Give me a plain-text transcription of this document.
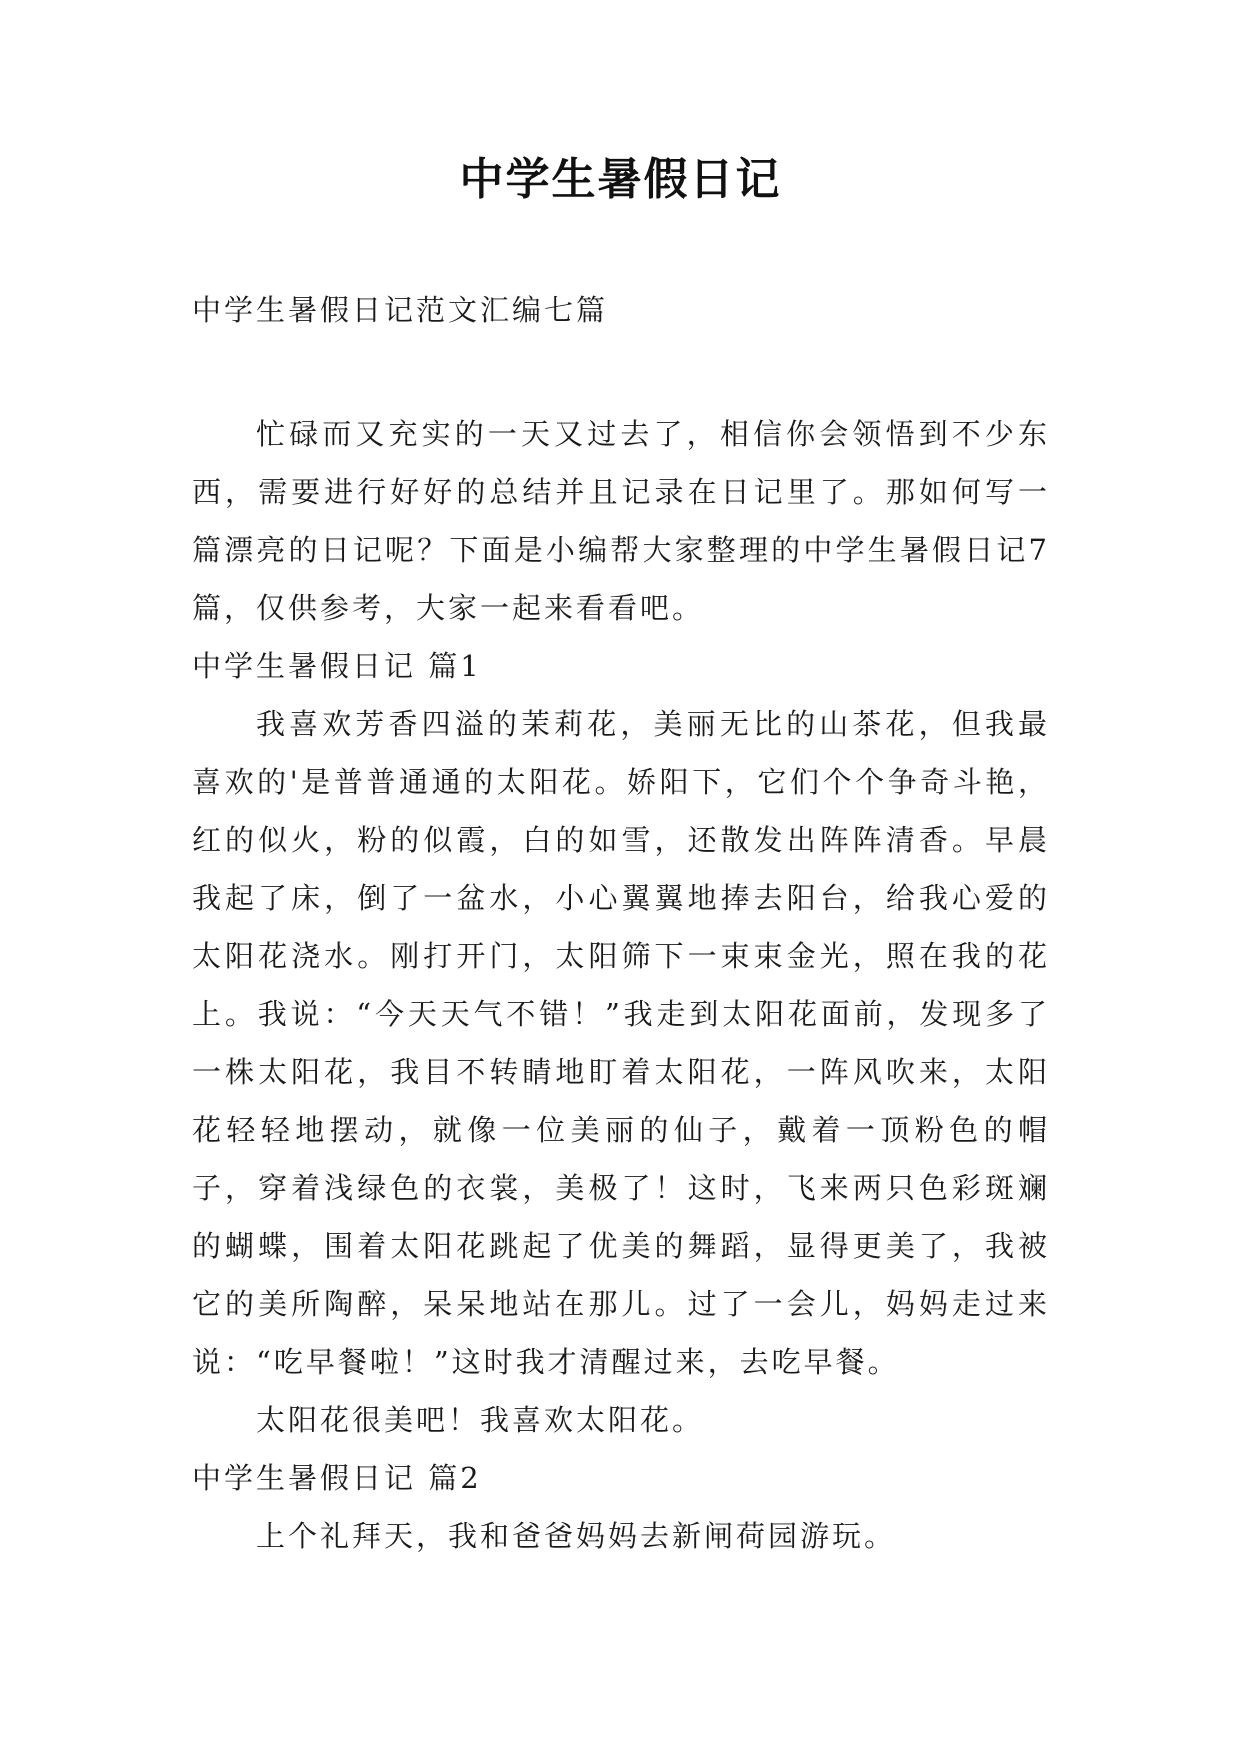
中学生暑假日记
中学生暑假日记范文汇编七篇

忙碌而又充实的一天又过去了，相信你会领悟到不少东西，需要进行好好的总结并且记录在日记里了。那如何写一篇漂亮的日记呢？下面是小编帮大家整理的中学生暑假日记7篇，仅供参考，大家一起来看看吧。

中学生暑假日记 篇1

我喜欢芳香四溢的茉莉花，美丽无比的山茶花，但我最喜欢的'是普普通通的太阳花。娇阳下，它们个个争奇斗艳，红的似火，粉的似霞，白的如雪，还散发出阵阵清香。早晨我起了床，倒了一盆水，小心翼翼地捧去阳台，给我心爱的太阳花浇水。刚打开门，太阳筛下一束束金光，照在我的花上。我说：“今天天气不错！”我走到太阳花面前，发现多了一株太阳花，我目不转睛地盯着太阳花，一阵风吹来，太阳花轻轻地摆动，就像一位美丽的仙子，戴着一顶粉色的帽子，穿着浅绿色的衣裳，美极了！这时，飞来两只色彩斑斓的蝴蝶，围着太阳花跳起了优美的舞蹈，显得更美了，我被它的美所陶醉，呆呆地站在那儿。过了一会儿，妈妈走过来说：“吃早餐啦！”这时我才清醒过来，去吃早餐。

太阳花很美吧！我喜欢太阳花。

中学生暑假日记 篇2

上个礼拜天，我和爸爸妈妈去新闸荷园游玩。
